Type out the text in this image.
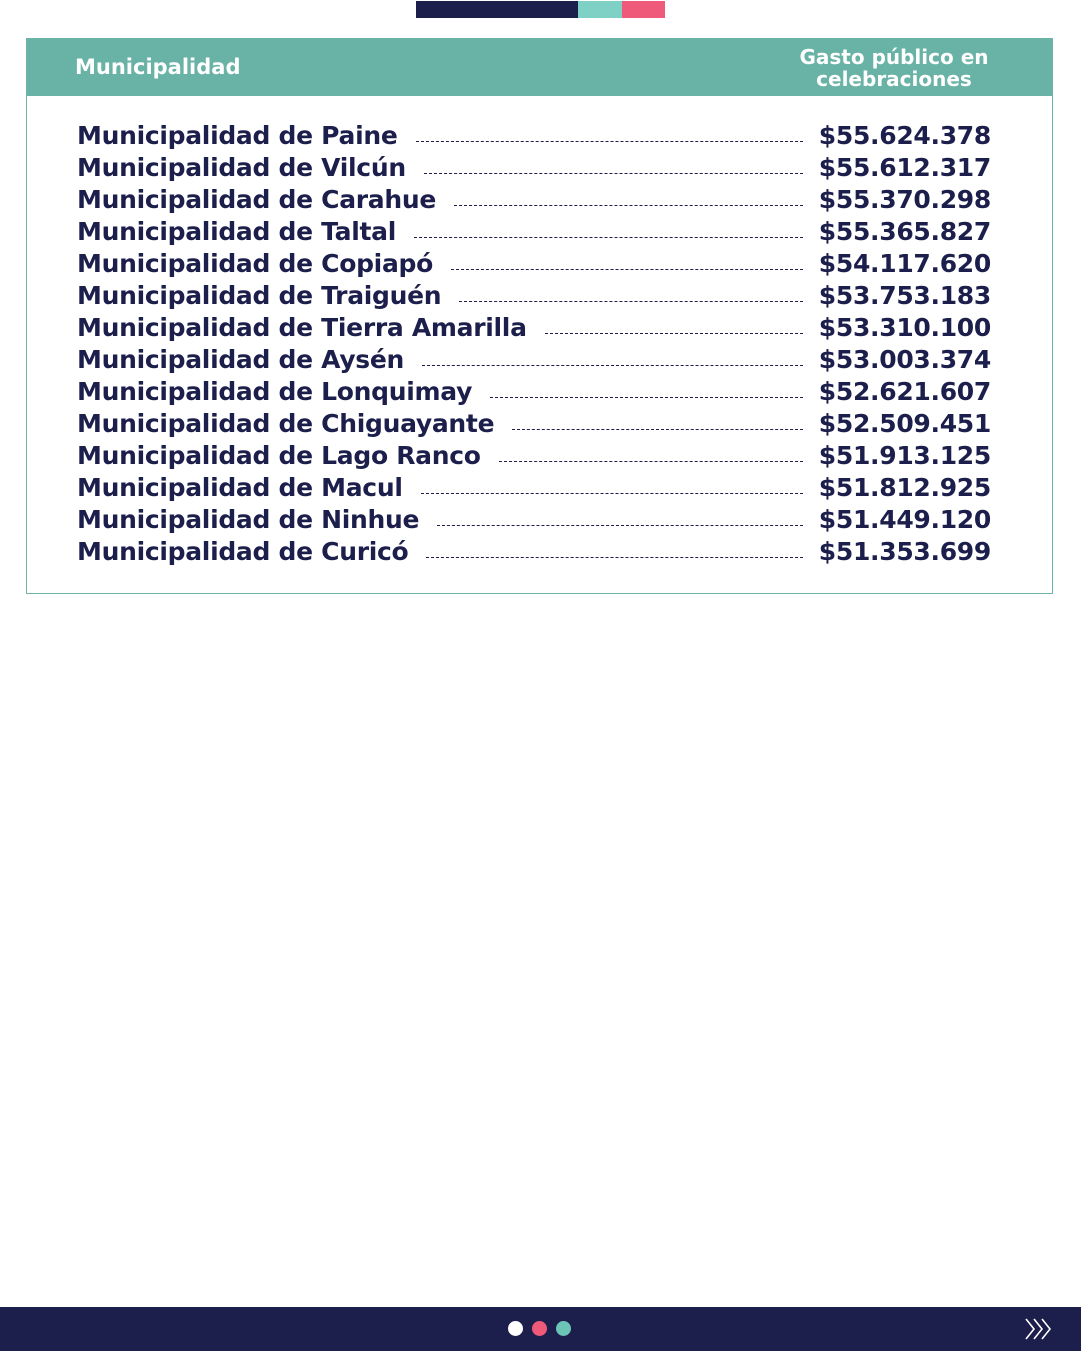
Municipalidad	Gasto público en celebraciones
Municipalidad de Paine	$55.624.378
Municipalidad de Vilcún	$55.612.317
Municipalidad de Carahue	$55.370.298
Municipalidad de Taltal	$55.365.827
Municipalidad de Copiapó	$54.117.620
Municipalidad de Traiguén	$53.753.183
Municipalidad de Tierra Amarilla	$53.310.100
Municipalidad de Aysén	$53.003.374
Municipalidad de Lonquimay	$52.621.607
Municipalidad de Chiguayante	$52.509.451
Municipalidad de Lago Ranco	$51.913.125
Municipalidad de Macul	$51.812.925
Municipalidad de Ninhue	$51.449.120
Municipalidad de Curicó	$51.353.699
